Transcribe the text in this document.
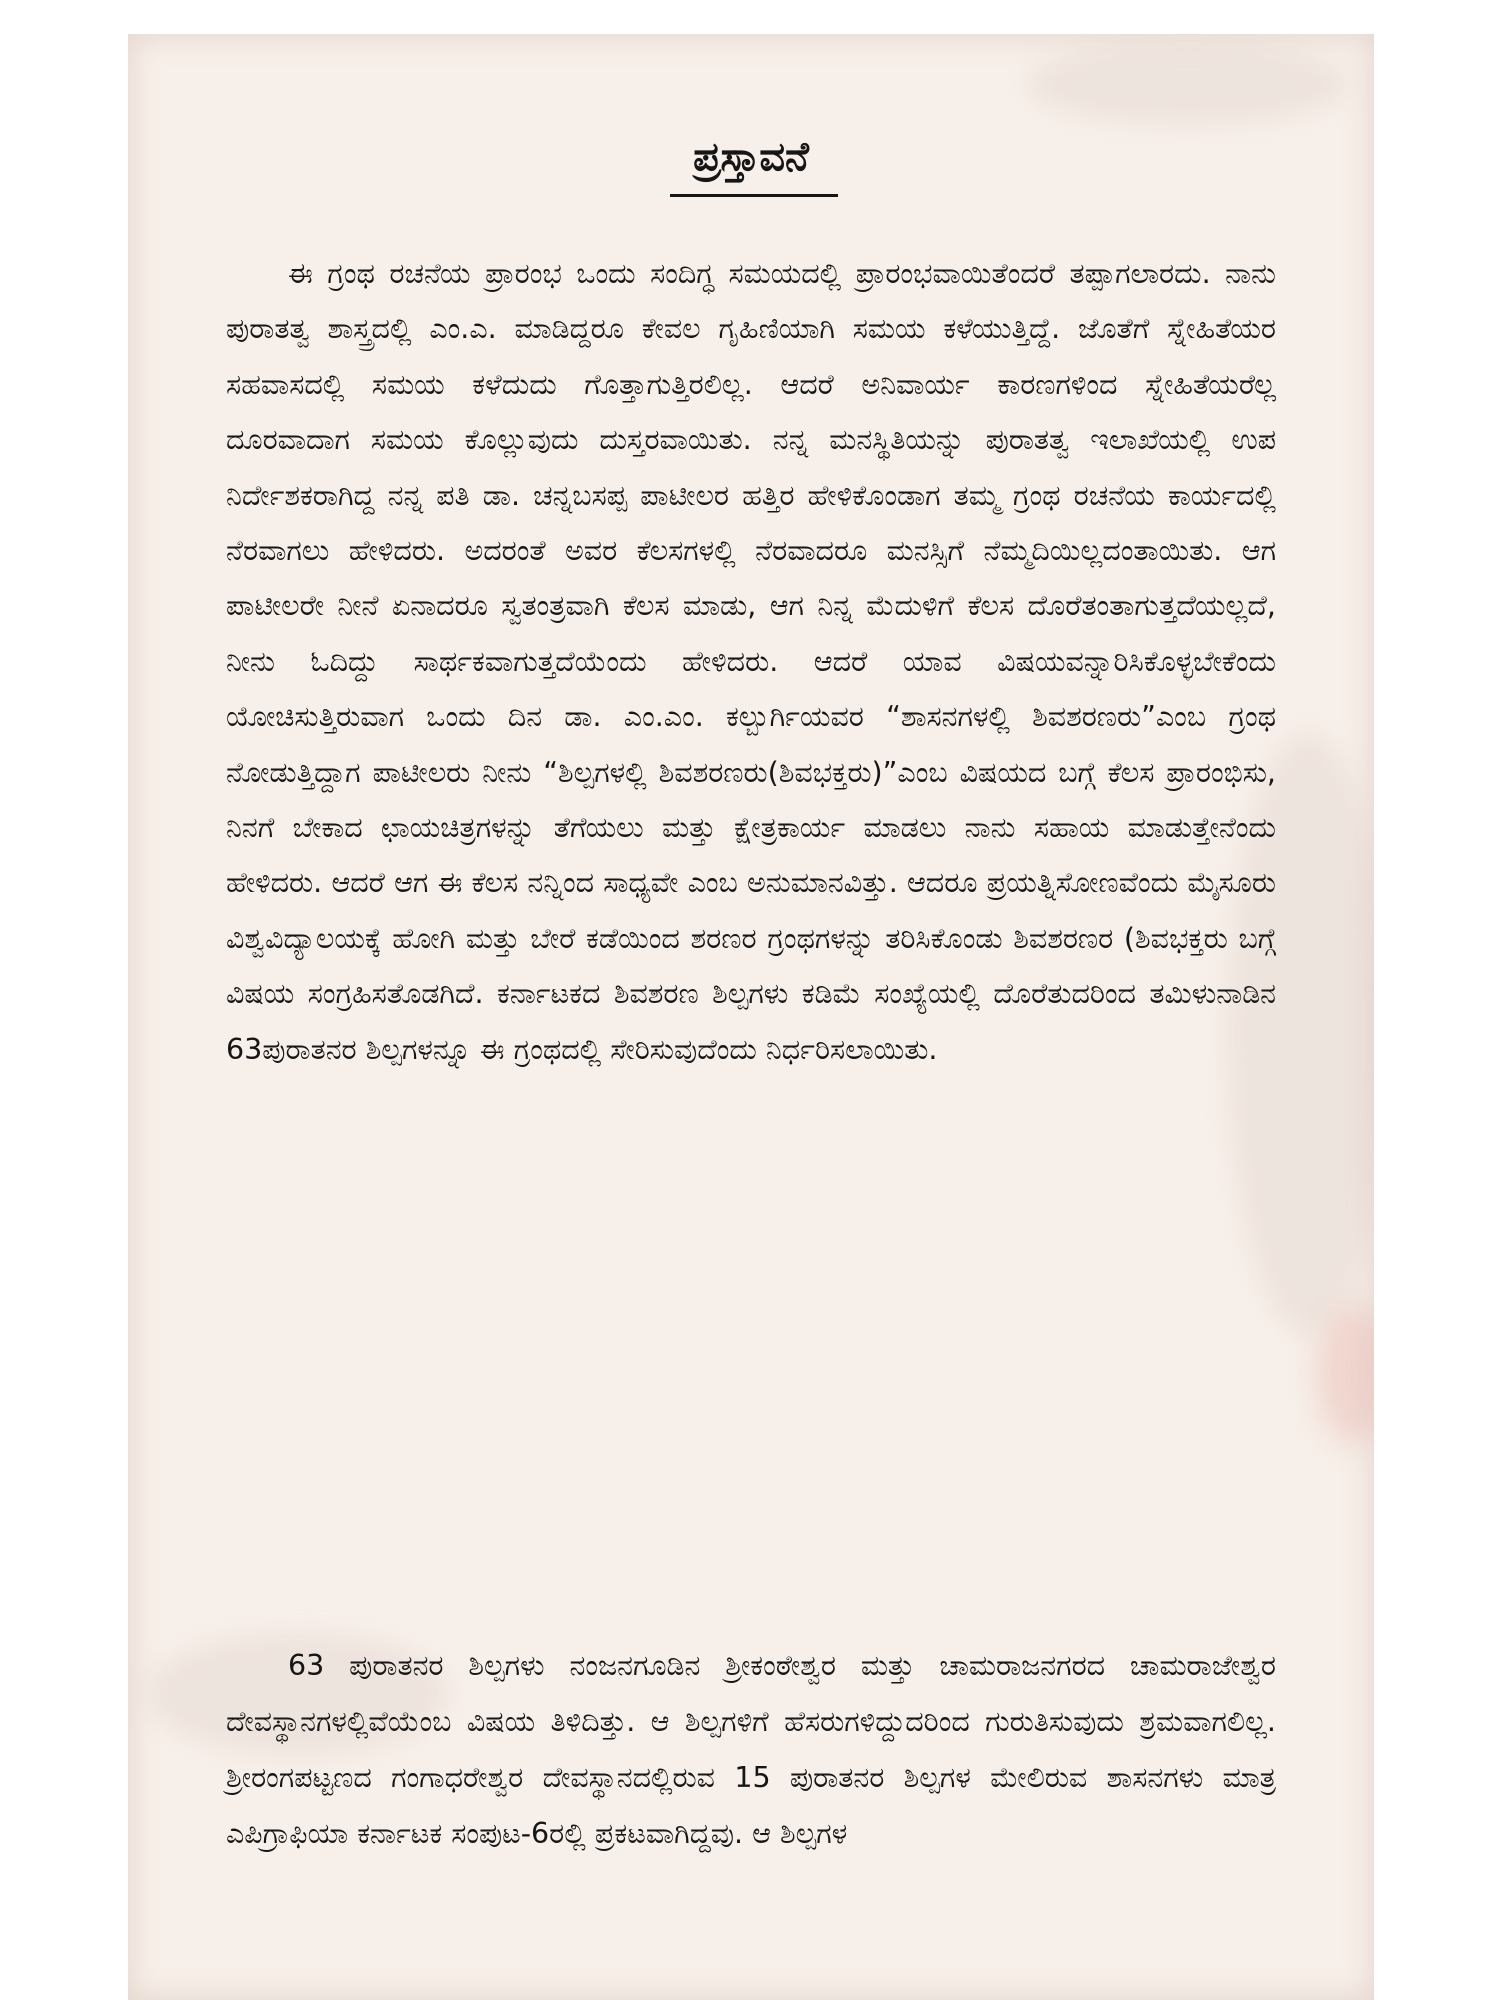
ಪ್ರಸ್ತಾವನೆ

ಈ ಗ್ರಂಥ ರಚನೆಯ ಪ್ರಾರಂಭ ಒಂದು ಸಂದಿಗ್ಧ ಸಮಯದಲ್ಲಿ ಪ್ರಾರಂಭವಾಯಿತೆಂದರೆ ತಪ್ಪಾಗಲಾರದು. ನಾನು ಪುರಾತತ್ವ ಶಾಸ್ತ್ರದಲ್ಲಿ ಎಂ.ಎ. ಮಾಡಿದ್ದರೂ ಕೇವಲ ಗೃಹಿಣಿಯಾಗಿ ಸಮಯ ಕಳೆಯುತ್ತಿದ್ದೆ. ಜೊತೆಗೆ ಸ್ನೇಹಿತೆಯರ ಸಹವಾಸದಲ್ಲಿ ಸಮಯ ಕಳೆದುದು ಗೊತ್ತಾಗುತ್ತಿರಲಿಲ್ಲ. ಆದರೆ ಅನಿವಾರ್ಯ ಕಾರಣಗಳಿಂದ ಸ್ನೇಹಿತೆಯರೆಲ್ಲ ದೂರವಾದಾಗ ಸಮಯ ಕೊಲ್ಲುವುದು ದುಸ್ತರವಾಯಿತು. ನನ್ನ ಮನಸ್ಥಿತಿಯನ್ನು ಪುರಾತತ್ವ ಇಲಾಖೆಯಲ್ಲಿ ಉಪ ನಿರ್ದೇಶಕರಾಗಿದ್ದ ನನ್ನ ಪತಿ ಡಾ. ಚನ್ನಬಸಪ್ಪ ಪಾಟೀಲರ ಹತ್ತಿರ ಹೇಳಿಕೊಂಡಾಗ ತಮ್ಮ ಗ್ರಂಥ ರಚನೆಯ ಕಾರ್ಯದಲ್ಲಿ ನೆರವಾಗಲು ಹೇಳಿದರು. ಅದರಂತೆ ಅವರ ಕೆಲಸಗಳಲ್ಲಿ ನೆರವಾದರೂ ಮನಸ್ಸಿಗೆ ನೆಮ್ಮದಿಯಿಲ್ಲದಂತಾಯಿತು. ಆಗ ಪಾಟೀಲರೇ ನೀನೆ ಏನಾದರೂ ಸ್ವತಂತ್ರವಾಗಿ ಕೆಲಸ ಮಾಡು, ಆಗ ನಿನ್ನ ಮೆದುಳಿಗೆ ಕೆಲಸ ದೊರೆತಂತಾಗುತ್ತದೆಯಲ್ಲದೆ, ನೀನು ಓದಿದ್ದು ಸಾರ್ಥಕವಾಗುತ್ತದೆಯೆಂದು ಹೇಳಿದರು. ಆದರೆ ಯಾವ ವಿಷಯವನ್ನಾರಿಸಿಕೊಳ್ಳಬೇಕೆಂದು ಯೋಚಿಸುತ್ತಿರುವಾಗ ಒಂದು ದಿನ ಡಾ. ಎಂ.ಎಂ. ಕಲ್ಬುರ್ಗಿಯವರ “ಶಾಸನಗಳಲ್ಲಿ ಶಿವಶರಣರು”ಎಂಬ ಗ್ರಂಥ ನೋಡುತ್ತಿದ್ದಾಗ ಪಾಟೀಲರು ನೀನು “ಶಿಲ್ಪಗಳಲ್ಲಿ ಶಿವಶರಣರು(ಶಿವಭಕ್ತರು)”ಎಂಬ ವಿಷಯದ ಬಗ್ಗೆ ಕೆಲಸ ಪ್ರಾರಂಭಿಸು, ನಿನಗೆ ಬೇಕಾದ ಛಾಯಚಿತ್ರಗಳನ್ನು ತೆಗೆಯಲು ಮತ್ತು ಕ್ಷೇತ್ರಕಾರ್ಯ ಮಾಡಲು ನಾನು ಸಹಾಯ ಮಾಡುತ್ತೇನೆಂದು ಹೇಳಿದರು. ಆದರೆ ಆಗ ಈ ಕೆಲಸ ನನ್ನಿಂದ ಸಾಧ್ಯವೇ ಎಂಬ ಅನುಮಾನವಿತ್ತು. ಆದರೂ ಪ್ರಯತ್ನಿಸೋಣವೆಂದು ಮೈಸೂರು ವಿಶ್ವವಿದ್ಯಾಲಯಕ್ಕೆ ಹೋಗಿ ಮತ್ತು ಬೇರೆ ಕಡೆಯಿಂದ ಶರಣರ ಗ್ರಂಥಗಳನ್ನು ತರಿಸಿಕೊಂಡು ಶಿವಶರಣರ (ಶಿವಭಕ್ತರು ಬಗ್ಗೆ ವಿಷಯ ಸಂಗ್ರಹಿಸತೊಡಗಿದೆ. ಕರ್ನಾಟಕದ ಶಿವಶರಣ ಶಿಲ್ಪಗಳು ಕಡಿಮೆ ಸಂಖ್ಯೆಯಲ್ಲಿ ದೊರೆತುದರಿಂದ ತಮಿಳುನಾಡಿನ 63ಪುರಾತನರ ಶಿಲ್ಪಗಳನ್ನೂ ಈ ಗ್ರಂಥದಲ್ಲಿ ಸೇರಿಸುವುದೆಂದು ನಿರ್ಧರಿಸಲಾಯಿತು.

63 ಪುರಾತನರ ಶಿಲ್ಪಗಳು ನಂಜನಗೂಡಿನ ಶ್ರೀಕಂಠೇಶ್ವರ ಮತ್ತು ಚಾಮರಾಜನಗರದ ಚಾಮರಾಜೇಶ್ವರ ದೇವಸ್ಥಾನಗಳಲ್ಲಿವೆಯೆಂಬ ವಿಷಯ ತಿಳಿದಿತ್ತು. ಆ ಶಿಲ್ಪಗಳಿಗೆ ಹೆಸರುಗಳಿದ್ದುದರಿಂದ ಗುರುತಿಸುವುದು ಶ್ರಮವಾಗಲಿಲ್ಲ. ಶ್ರೀರಂಗಪಟ್ಟಣದ ಗಂಗಾಧರೇಶ್ವರ ದೇವಸ್ಥಾನದಲ್ಲಿರುವ 15 ಪುರಾತನರ ಶಿಲ್ಪಗಳ ಮೇಲಿರುವ ಶಾಸನಗಳು ಮಾತ್ರ ಎಪಿಗ್ರಾಫಿಯಾ ಕರ್ನಾಟಕ ಸಂಪುಟ-6ರಲ್ಲಿ ಪ್ರಕಟವಾಗಿದ್ದವು. ಆ ಶಿಲ್ಪಗಳ
